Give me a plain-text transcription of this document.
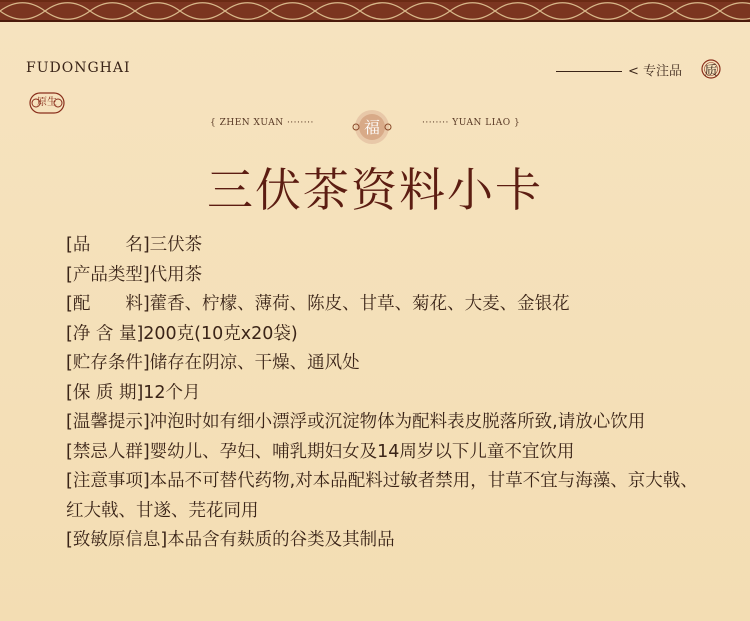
FUDONGHAI
原生
< 专注品	质
{ ZHEN XUAN ········	福	········ YUAN LIAO }
三伏茶资料小卡
[品　　名]三伏茶
[产品类型]代用茶
[配　　料]藿香、柠檬、薄荷、陈皮、甘草、菊花、大麦、金银花
[净 含 量]200克(10克x20袋)
[贮存条件]储存在阴凉、干燥、通风处
[保 质 期]12个月
[温馨提示]冲泡时如有细小漂浮或沉淀物体为配料表皮脱落所致,请放心饮用
[禁忌人群]婴幼儿、孕妇、哺乳期妇女及14周岁以下儿童不宜饮用
[注意事项]本品不可替代药物,对本品配料过敏者禁用，甘草不宜与海藻、京大戟、红大戟、甘遂、芫花同用
[致敏原信息]本品含有麸质的谷类及其制品
